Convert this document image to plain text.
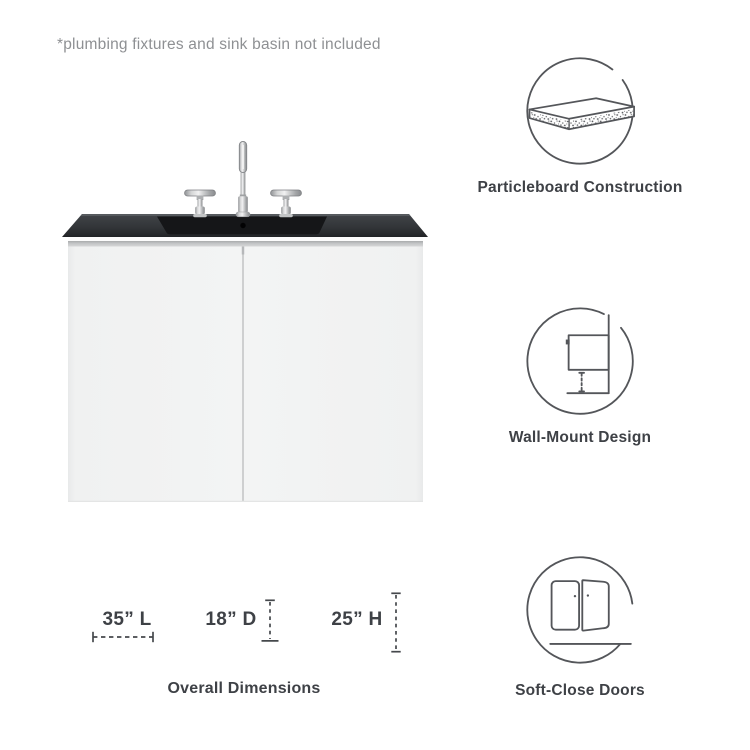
*plumbing fixtures and sink basin not included
Particleboard Construction
Wall-Mount Design
Soft-Close Doors
35” L	18” D	25” H
Overall Dimensions
